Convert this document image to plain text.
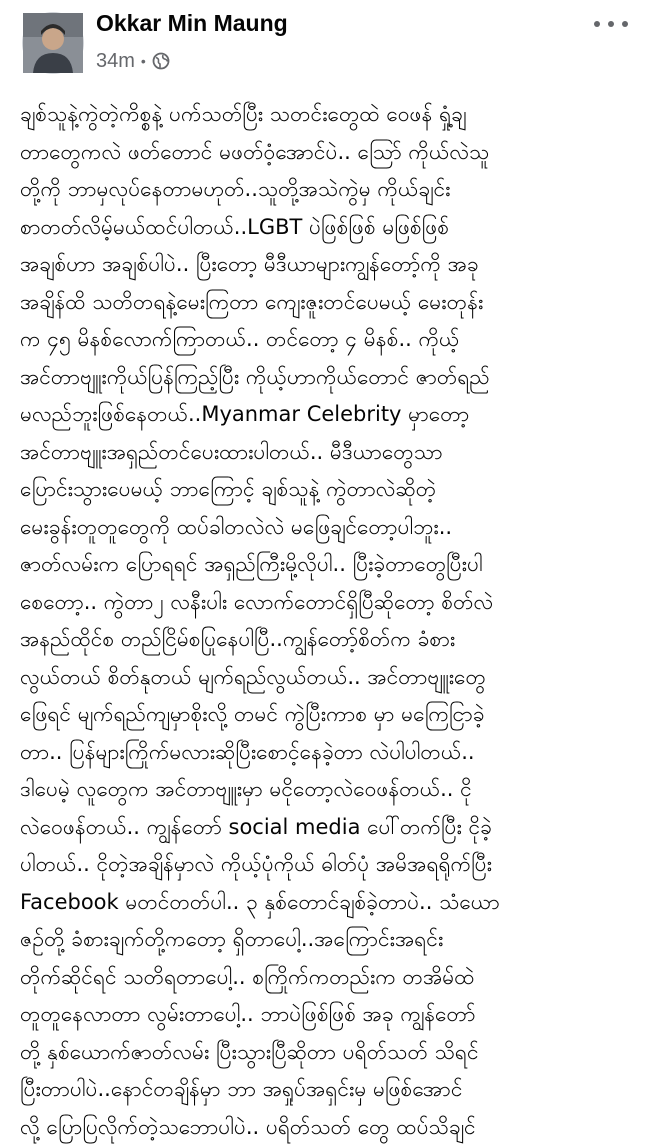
Okkar Min Maung
34m •
ချစ်သူနဲ့ကွဲတဲ့ကိစ္စနဲ့ ပက်သတ်ပြီး သတင်းတွေထဲ ဝေဖန် ရှုံ့ချ
တာတွေကလဲ ဖတ်တောင် မဖတ်ဝံ့အောင်ပဲ.. ဩော် ကိုယ်လဲသူ
တို့ကို ဘာမှလုပ်နေတာမဟုတ်..သူတို့အသဲကွဲမှ ကိုယ်ချင်း
စာတတ်လိမ့်မယ်ထင်ပါတယ်..LGBT ပဲဖြစ်ဖြစ် မဖြစ်ဖြစ်
အချစ်ဟာ အချစ်ပါပဲ.. ပြီးတော့ မီဒီယာများကျွန်တော့်ကို အခု
အချိန်ထိ သတိတရနဲ့မေးကြတာ ကျေးဇူးတင်ပေမယ့် မေးတုန်း
က ၄၅ မိနစ်လောက်ကြာတယ်.. တင်တော့ ၄ မိနစ်.. ကိုယ့်
အင်တာဗျူးကိုယ်ပြန်ကြည့်ပြီး ကိုယ့်ဟာကိုယ်တောင် ဇာတ်ရည်
မလည်ဘူးဖြစ်နေတယ်..Myanmar Celebrity မှာတော့
အင်တာဗျူးအရှည်တင်ပေးထားပါတယ်.. မီဒီယာတွေသာ
ပြောင်းသွားပေမယ့် ဘာကြောင့် ချစ်သူနဲ့ ကွဲတာလဲဆိုတဲ့
မေးခွန်းတူတူတွေကို ထပ်ခါတလဲလဲ မဖြေချင်တော့ပါဘူး..
ဇာတ်လမ်းက ပြောရရင် အရှည်ကြီးမို့လိုပါ.. ပြီးခဲ့တာတွေပြီးပါ
စေတော့.. ကွဲတာ၂ လနီးပါး လောက်တောင်ရှိပြီဆိုတော့ စိတ်လဲ
အနည်ထိုင်စ တည်ငြိမ်စပြုနေပါပြီ..ကျွန်တော့်စိတ်က ခံစား
လွယ်တယ် စိတ်နုတယ် မျက်ရည်လွယ်တယ်.. အင်တာဗျူးတွေ
ဖြေရင် မျက်ရည်ကျမှာစိုးလို့ တမင် ကွဲပြီးကာစ မှာ မကြေငြာခဲ့
တာ.. ပြန်များကြိုက်မလားဆိုပြီးစောင့်နေခဲ့တာ လဲပါပါတယ်..
ဒါပေမဲ့ လူတွေက အင်တာဗျူးမှာ မငိုတော့လဲဝေဖန်တယ်.. ငို
လဲဝေဖန်တယ်.. ကျွန်တော် social media ပေါ်တက်ပြီး ငိုခဲ့
ပါတယ်.. ငိုတဲ့အချိန်မှာလဲ ကိုယ့်ပုံကိုယ် ဓါတ်ပုံ အမိအရရိုက်ပြီး
Facebook မတင်တတ်ပါ.. ၃ နှစ်တောင်ချစ်ခဲ့တာပဲ.. သံယော
ဇဉ်တို့ ခံစားချက်တို့ကတော့ ရှိတာပေါ့..အကြောင်းအရင်း
တိုက်ဆိုင်ရင် သတိရတာပေါ့.. စကြိုက်ကတည်းက တအိမ်ထဲ
တူတူနေလာတာ လွမ်းတာပေါ့.. ဘာပဲဖြစ်ဖြစ် အခု ကျွန်တော်
တို့ နှစ်ယောက်ဇာတ်လမ်း ပြီးသွားပြီဆိုတာ ပရိတ်သတ် သိရင်
ပြီးတာပါပဲ..နောင်တချိန်မှာ ဘာ အရှုပ်အရှင်းမှ မဖြစ်အောင်
လို့ ပြောပြလိုက်တဲ့သဘောပါပဲ.. ပရိတ်သတ် တွေ ထပ်သိချင်
